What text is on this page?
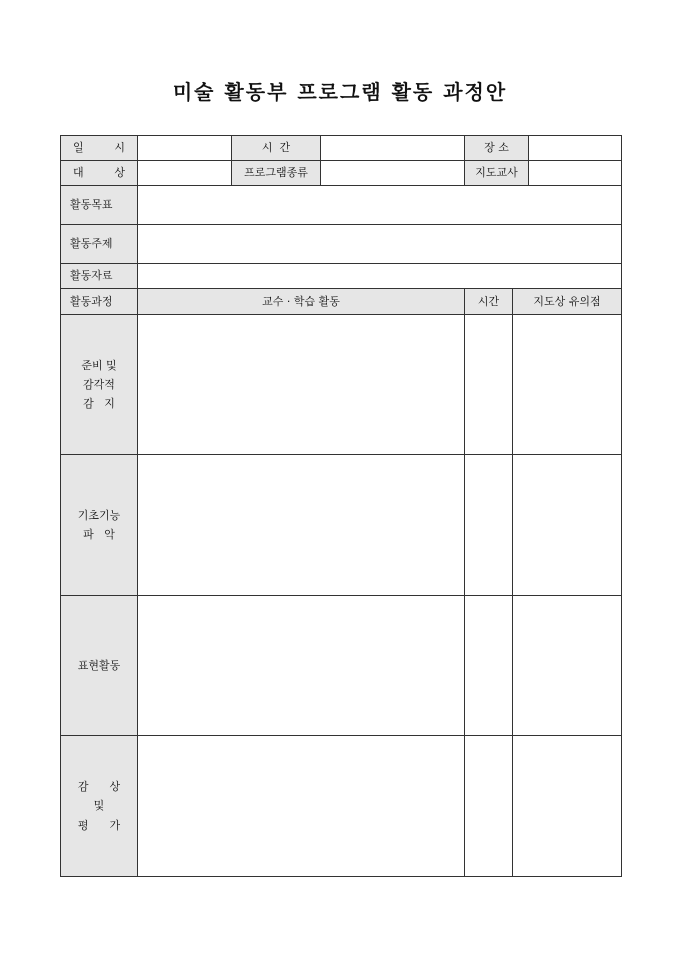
미술 활동부 프로그램 활동 과정안
일 시		시  간		장 소		

대 상		프로그램종류		지도교사		
활동목표						
활동주제						
활동자료						
활동과정	교수 · 학습 활동			시간	지도상 유의점	

준비 및
감각적
감   지						

기초기능
파   악						

표현활동						

감      상
및
평      가						
